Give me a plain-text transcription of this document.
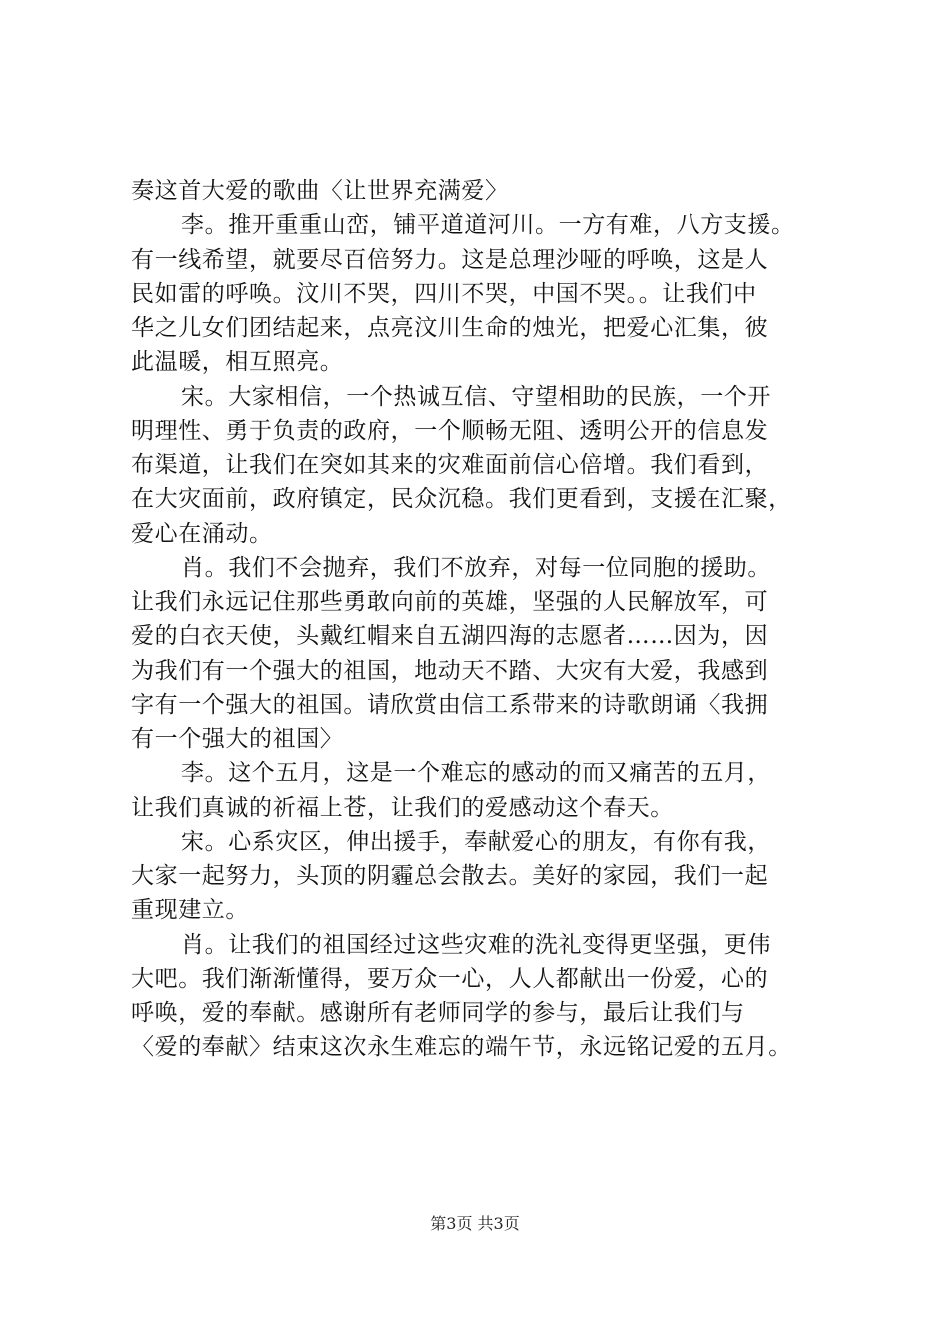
奏这首大爱的歌曲〈让世界充满爱〉
李。推开重重山峦，铺平道道河川。一方有难，八方支援。
有一线希望，就要尽百倍努力。这是总理沙哑的呼唤，这是人
民如雷的呼唤。汶川不哭，四川不哭，中国不哭。。让我们中
华之儿女们团结起来，点亮汶川生命的烛光，把爱心汇集，彼
此温暖，相互照亮。
宋。大家相信，一个热诚互信、守望相助的民族，一个开
明理性、勇于负责的政府，一个顺畅无阻、透明公开的信息发
布渠道，让我们在突如其来的灾难面前信心倍增。我们看到，
在大灾面前，政府镇定，民众沉稳。我们更看到，支援在汇聚，
爱心在涌动。
肖。我们不会抛弃，我们不放弃，对每一位同胞的援助。
让我们永远记住那些勇敢向前的英雄，坚强的人民解放军，可
爱的白衣天使，头戴红帽来自五湖四海的志愿者……因为，因
为我们有一个强大的祖国，地动天不踏、大灾有大爱，我感到
字有一个强大的祖国。请欣赏由信工系带来的诗歌朗诵〈我拥
有一个强大的祖国〉
李。这个五月，这是一个难忘的感动的而又痛苦的五月，
让我们真诚的祈福上苍，让我们的爱感动这个春天。
宋。心系灾区，伸出援手，奉献爱心的朋友，有你有我，
大家一起努力，头顶的阴霾总会散去。美好的家园，我们一起
重现建立。
肖。让我们的祖国经过这些灾难的洗礼变得更坚强，更伟
大吧。我们渐渐懂得，要万众一心，人人都献出一份爱，心的
呼唤，爱的奉献。感谢所有老师同学的参与，最后让我们与
〈爱的奉献〉结束这次永生难忘的端午节，永远铭记爱的五月。
第3页 共3页
